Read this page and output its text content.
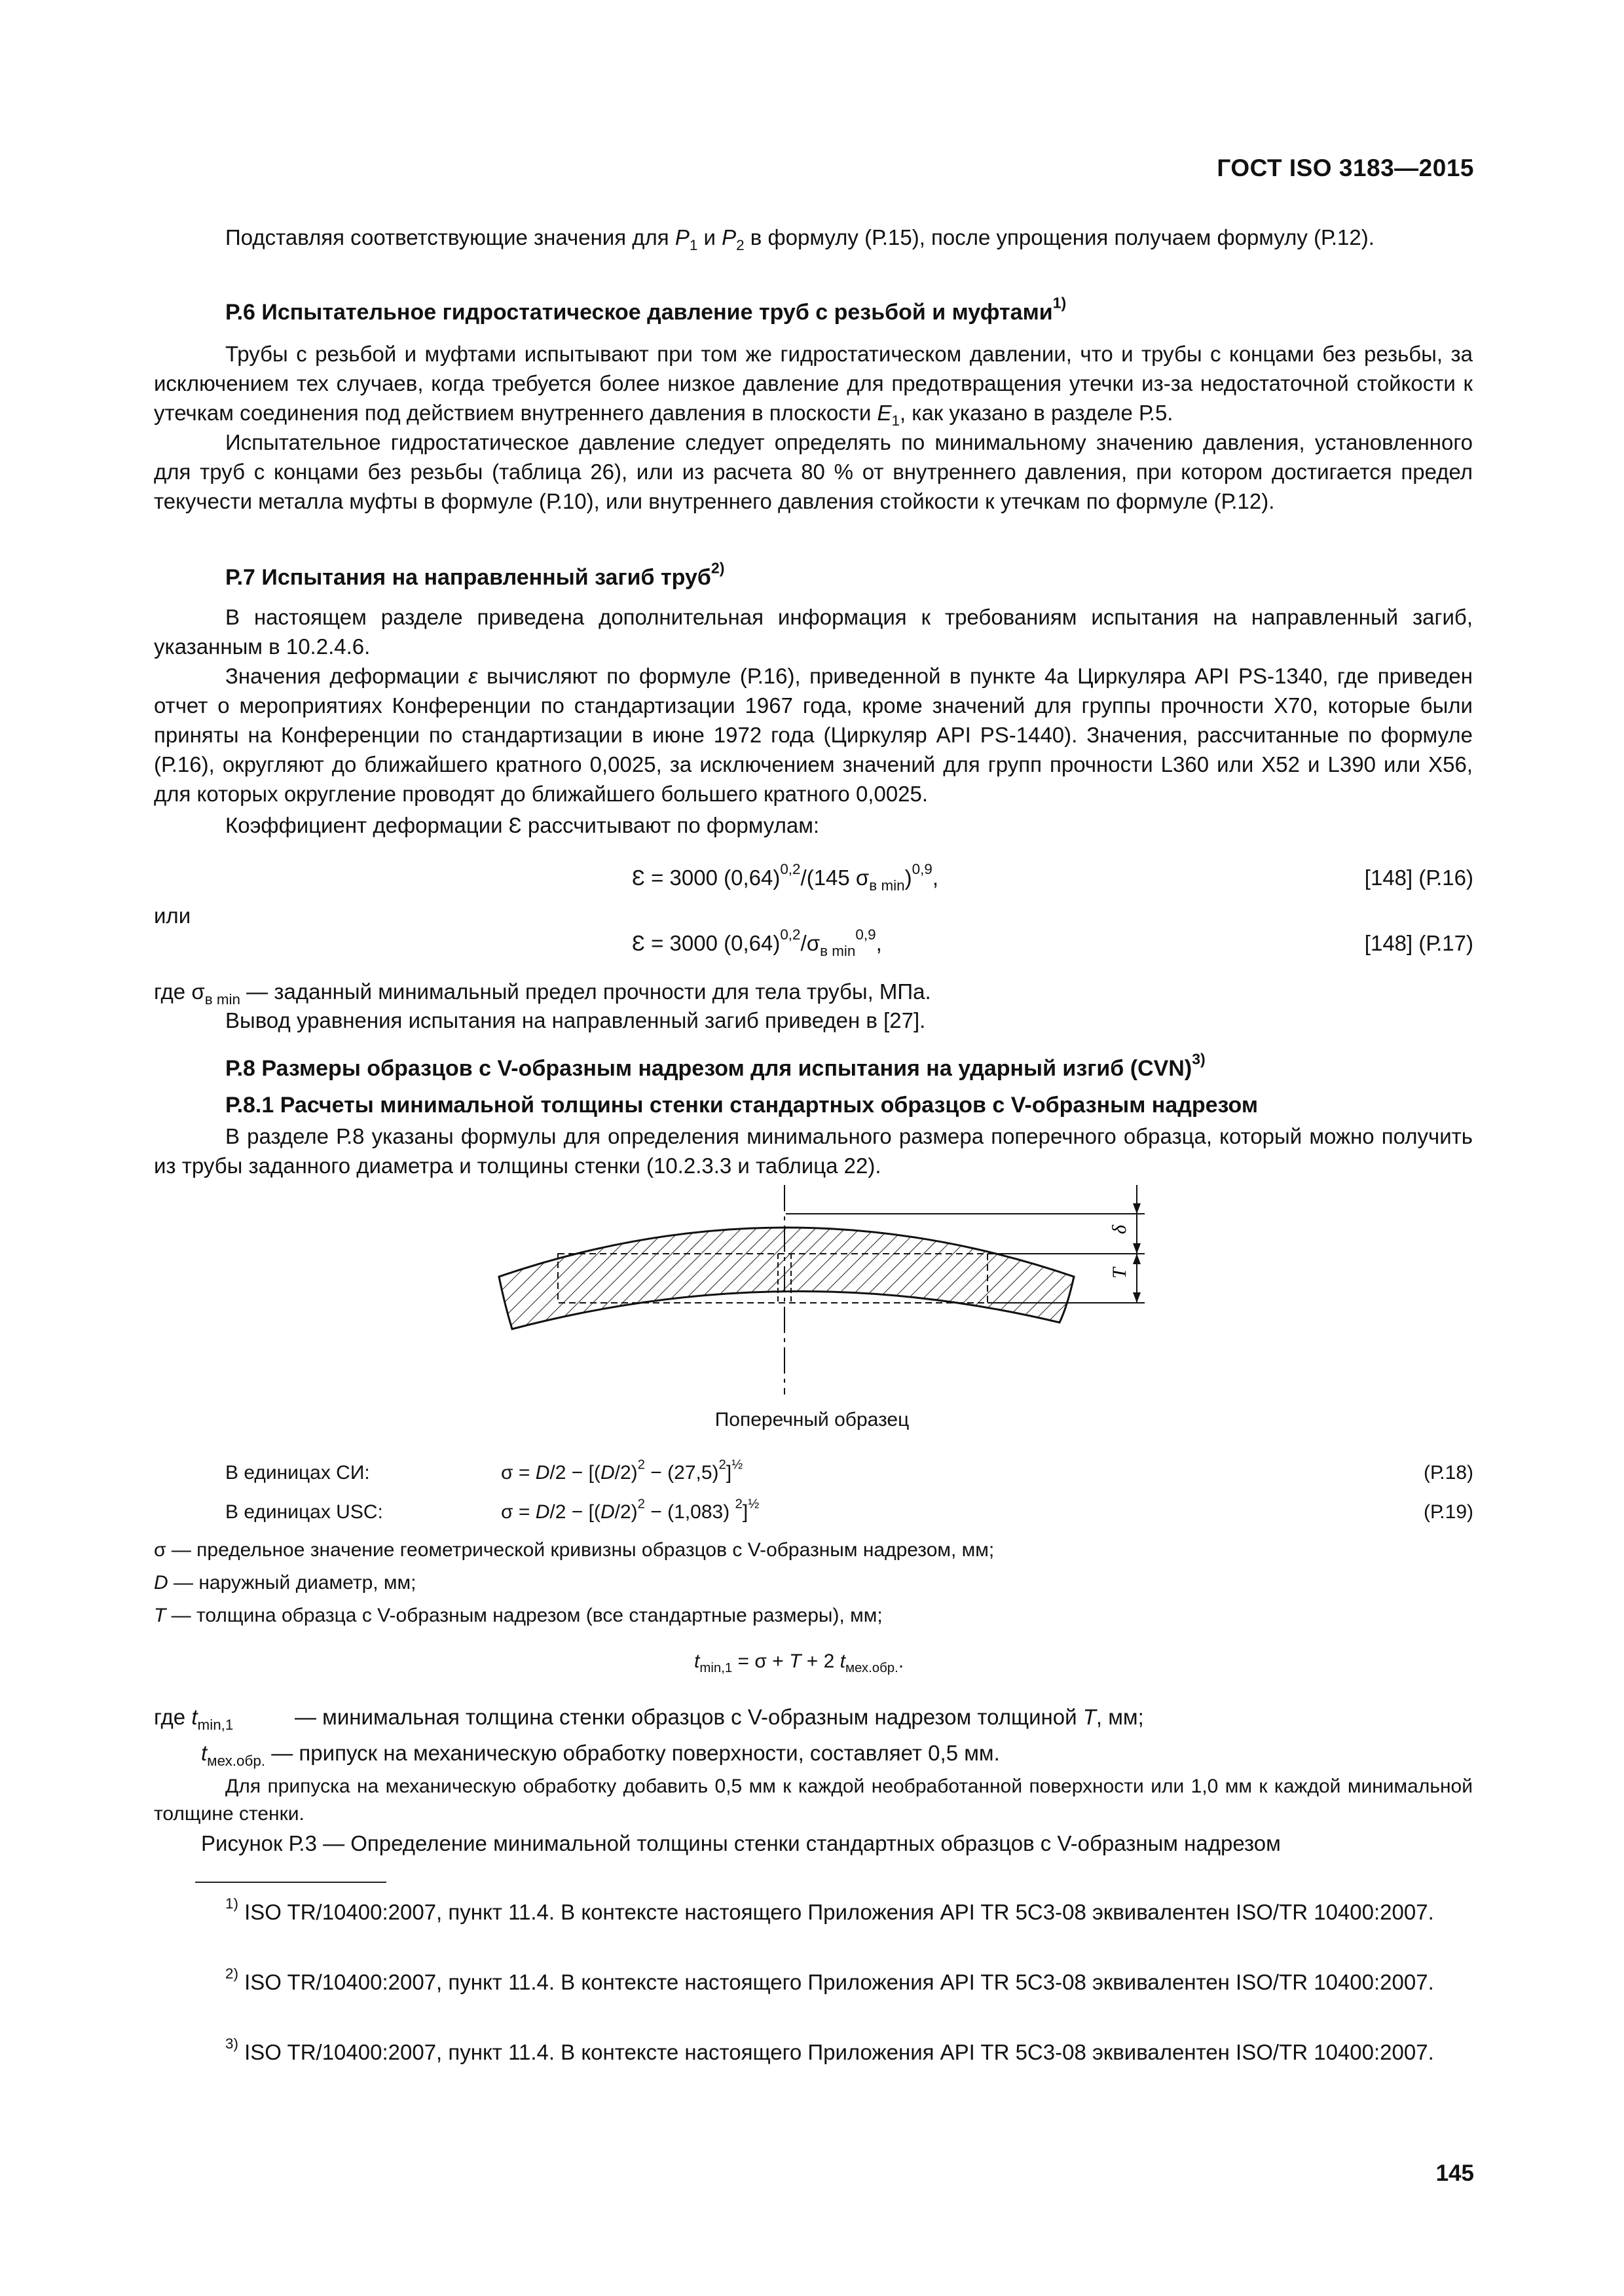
ГОСТ ISO 3183—2015
Подставляя соответствующие значения для $P_1$ и $P_2$ в формулу (Р.15), после упрощения получаем формулу (Р.12).
Р.6 Испытательное гидростатическое давление труб с резьбой и муфтами$^{1)}$
Трубы с резьбой и муфтами испытывают при том же гидростатическом давлении, что и трубы с концами без резьбы, за исключением тех случаев, когда требуется более низкое давление для предотвращения утечки из-за недостаточной стойкости к утечкам соединения под действием внутреннего давления в плоскости $E_1$, как указано в разделе Р.5.
Испытательное гидростатическое давление следует определять по минимальному значению давления, установленного для труб с концами без резьбы (таблица 26), или из расчета 80 % от внутреннего давления, при котором достигается предел текучести металла муфты в формуле (Р.10), или внутреннего давления стойкости к утечкам по формуле (Р.12).
Р.7 Испытания на направленный загиб труб$^{2)}$
В настоящем разделе приведена дополнительная информация к требованиям испытания на направленный загиб, указанным в 10.2.4.6.
Значения деформации ε вычисляют по формуле (Р.16), приведенной в пункте 4а Циркуляра API PS-1340, где приведен отчет о мероприятиях Конференции по стандартизации 1967 года, кроме значений для группы прочности Х70, которые были приняты на Конференции по стандартизации в июне 1972 года (Циркуляр API PS-1440). Значения, рассчитанные по формуле (Р.16), округляют до ближайшего кратного 0,0025, за исключением значений для групп прочности L360 или Х52 и L390 или Х56, для которых округление проводят до ближайшего большего кратного 0,0025.
Коэффициент деформации Ɛ рассчитывают по формулам:
Ɛ = 3000 $(0,64)^{0,2}/(145$ $\sigma_{в min})^{0,9}$,	[148] (Р.16)
или
Ɛ = 3000 $(0,64)^{0,2}/\sigma_{в min}^{0,9}$,	[148] (Р.17)
где $\sigma_{в min}$ — заданный минимальный предел прочности для тела трубы, МПа.
Вывод уравнения испытания на направленный загиб приведен в [27].
Р.8 Размеры образцов с V-образным надрезом для испытания на ударный изгиб (CVN)$^{3)}$
Р.8.1 Расчеты минимальной толщины стенки стандартных образцов с V-образным надрезом
В разделе Р.8 указаны формулы для определения минимального размера поперечного образца, который можно получить из трубы заданного диаметра и толщины стенки (10.2.3.3 и таблица 22).
δ
T
Поперечный образец
В единицах СИ:	$\sigma = D/2 - [(D/2)^2 - (27,5)^2]^{\frac{1}{2}}$	(Р.18)
В единицах USC:	$\sigma = D/2 - [(D/2)^2 - (1,083)$ $^2$]$^{\frac{1}{2}}$	(Р.19)
σ — предельное значение геометрической кривизны образцов с V-образным надрезом, мм;
D — наружный диаметр, мм;
T — толщина образца с V-образным надрезом (все стандартные размеры), мм;
$t_{min,1} = \sigma + T + 2$ $t_{мех.обр.}$.
где $t_{min,1}$	— минимальная толщина стенки образцов с V-образным надрезом толщиной T, мм;
$t_{мех.обр.}$ — припуск на механическую обработку поверхности, составляет 0,5 мм.
Для припуска на механическую обработку добавить 0,5 мм к каждой необработанной поверхности или 1,0 мм к каждой минимальной толщине стенки.
Рисунок Р.3 — Определение минимальной толщины стенки стандартных образцов с V-образным надрезом
$^{1)}$ ISO TR/10400:2007, пункт 11.4. В контексте настоящего Приложения API TR 5C3-08 эквивалентен ISO/TR 10400:2007.
$^{2)}$ ISO TR/10400:2007, пункт 11.4. В контексте настоящего Приложения API TR 5C3-08 эквивалентен ISO/TR 10400:2007.
$^{3)}$ ISO TR/10400:2007, пункт 11.4. В контексте настоящего Приложения API TR 5C3-08 эквивалентен ISO/TR 10400:2007.
145
